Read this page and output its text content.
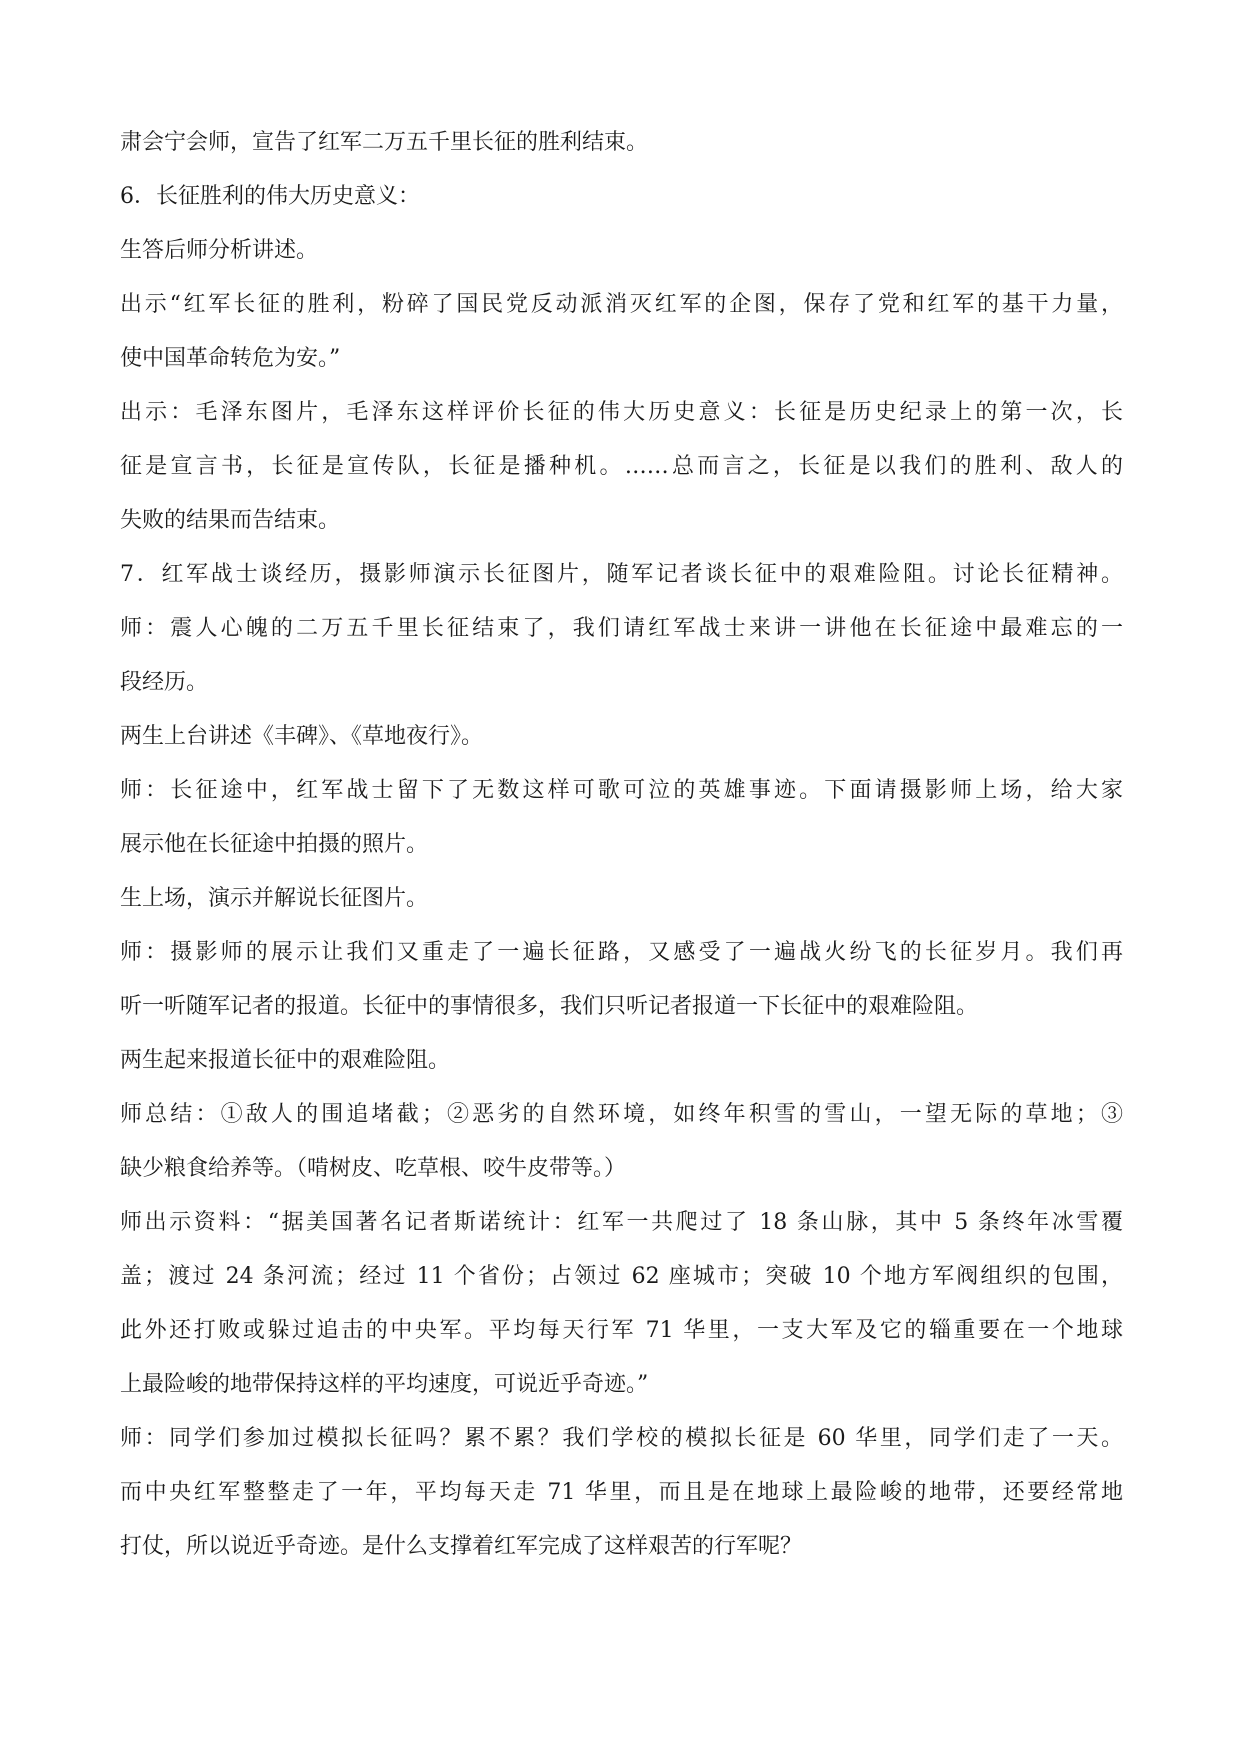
肃会宁会师，宣告了红军二万五千里长征的胜利结束。
6．长征胜利的伟大历史意义：
生答后师分析讲述。
出示“红军长征的胜利，粉碎了国民党反动派消灭红军的企图，保存了党和红军的基干力量，
使中国革命转危为安。”
出示：毛泽东图片，毛泽东这样评价长征的伟大历史意义：长征是历史纪录上的第一次，长
征是宣言书，长征是宣传队，长征是播种机。……总而言之，长征是以我们的胜利、敌人的
失败的结果而告结束。
7．红军战士谈经历，摄影师演示长征图片，随军记者谈长征中的艰难险阻。讨论长征精神。
师：震人心魄的二万五千里长征结束了，我们请红军战士来讲一讲他在长征途中最难忘的一
段经历。
两生上台讲述《丰碑》、《草地夜行》。
师：长征途中，红军战士留下了无数这样可歌可泣的英雄事迹。下面请摄影师上场，给大家
展示他在长征途中拍摄的照片。
生上场，演示并解说长征图片。
师：摄影师的展示让我们又重走了一遍长征路，又感受了一遍战火纷飞的长征岁月。我们再
听一听随军记者的报道。长征中的事情很多，我们只听记者报道一下长征中的艰难险阻。
两生起来报道长征中的艰难险阻。
师总结：①敌人的围追堵截；②恶劣的自然环境，如终年积雪的雪山，一望无际的草地；③
缺少粮食给养等。（啃树皮、吃草根、咬牛皮带等。）
师出示资料：“据美国著名记者斯诺统计：红军一共爬过了 18 条山脉，其中 5 条终年冰雪覆
盖；渡过 24 条河流；经过 11 个省份；占领过 62 座城市；突破 10 个地方军阀组织的包围，
此外还打败或躲过追击的中央军。平均每天行军 71 华里，一支大军及它的辎重要在一个地球
上最险峻的地带保持这样的平均速度，可说近乎奇迹。”
师：同学们参加过模拟长征吗？累不累？我们学校的模拟长征是 60 华里，同学们走了一天。
而中央红军整整走了一年，平均每天走 71 华里，而且是在地球上最险峻的地带，还要经常地
打仗，所以说近乎奇迹。是什么支撑着红军完成了这样艰苦的行军呢？
